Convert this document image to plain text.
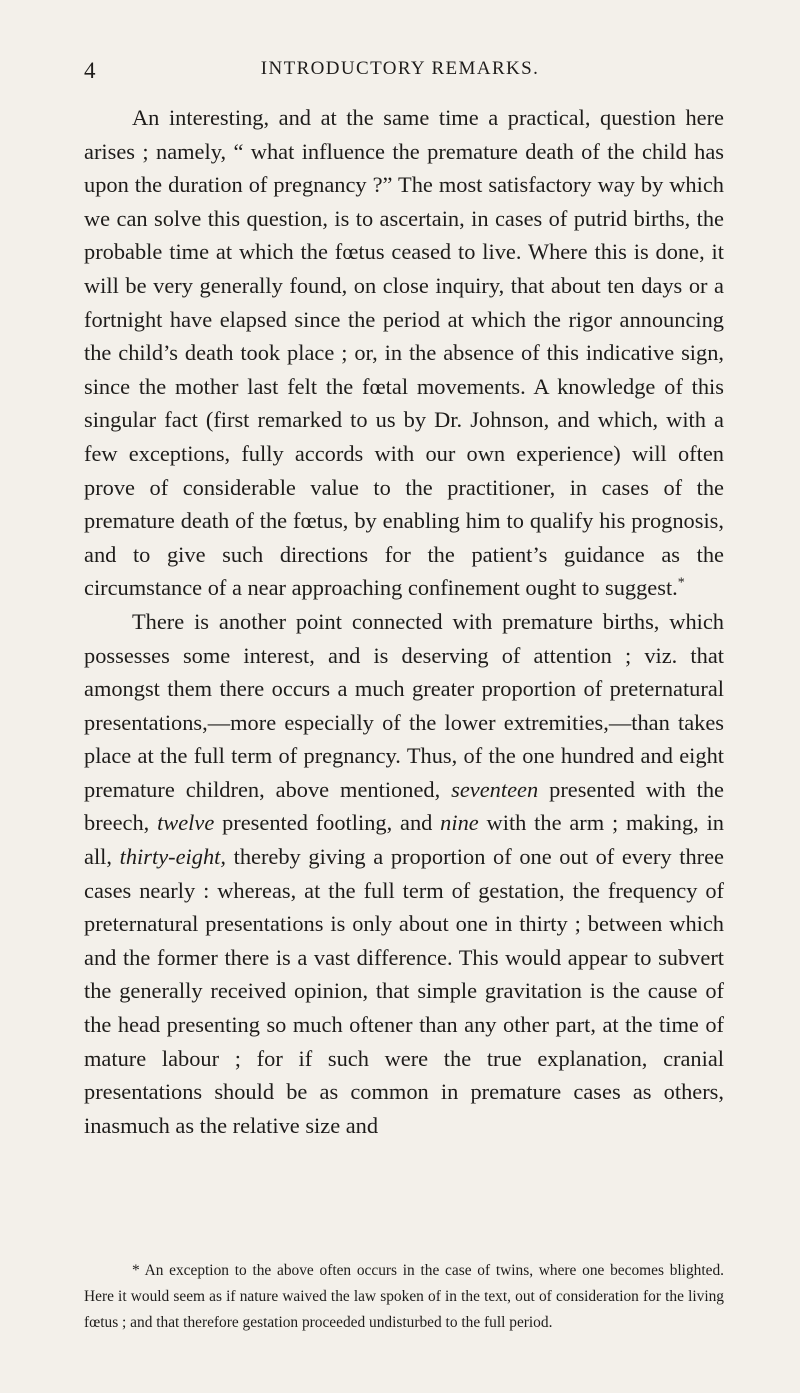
4	INTRODUCTORY REMARKS.

An interesting, and at the same time a practical, question here arises ; namely, “ what influence the premature death of the child has upon the duration of pregnancy ?” The most satisfactory way by which we can solve this question, is to ascertain, in cases of putrid births, the probable time at which the fœtus ceased to live. Where this is done, it will be very generally found, on close inquiry, that about ten days or a fortnight have elapsed since the period at which the rigor announcing the child’s death took place ; or, in the absence of this indicative sign, since the mother last felt the fœtal movements. A knowledge of this singular fact (first remarked to us by Dr. Johnson, and which, with a few exceptions, fully accords with our own experience) will often prove of considerable value to the practitioner, in cases of the premature death of the fœtus, by enabling him to qualify his prognosis, and to give such directions for the patient’s guidance as the circumstance of a near approaching confinement ought to suggest.*

There is another point connected with premature births, which possesses some interest, and is deserving of attention ; viz. that amongst them there occurs a much greater proportion of preternatural presentations,—more especially of the lower extremities,—than takes place at the full term of pregnancy. Thus, of the one hundred and eight premature children, above mentioned, seventeen presented with the breech, twelve presented footling, and nine with the arm ; making, in all, thirty-eight, thereby giving a proportion of one out of every three cases nearly : whereas, at the full term of gestation, the frequency of preternatural presentations is only about one in thirty ; between which and the former there is a vast difference. This would appear to subvert the generally received opinion, that simple gravitation is the cause of the head presenting so much oftener than any other part, at the time of mature labour ; for if such were the true explanation, cranial presentations should be as common in premature cases as others, inasmuch as the relative size and

* An exception to the above often occurs in the case of twins, where one becomes blighted. Here it would seem as if nature waived the law spoken of in the text, out of consideration for the living fœtus ; and that therefore gestation proceeded undisturbed to the full period.
